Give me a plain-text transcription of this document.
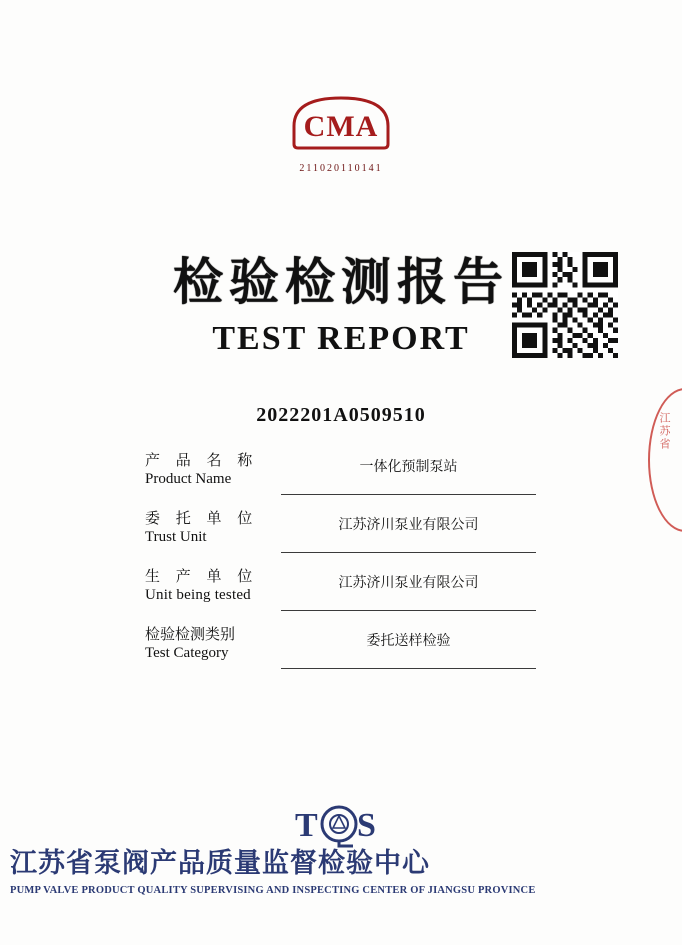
CMA
211020110141
检验检测报告
TEST REPORT
2022201A0509510	江苏省
产 品 名 称
Product Name
一体化预制泵站
委 托 单 位
Trust Unit
江苏济川泵业有限公司
生 产 单 位
Unit being tested
江苏济川泵业有限公司
检验检测类别
Test Category
委托送样检验
T S
江苏省泵阀产品质量监督检验中心 PUMP VALVE PRODUCT QUALITY SUPERVISING AND INSPECTING CENTER OF JIANGSU PROVINCE
